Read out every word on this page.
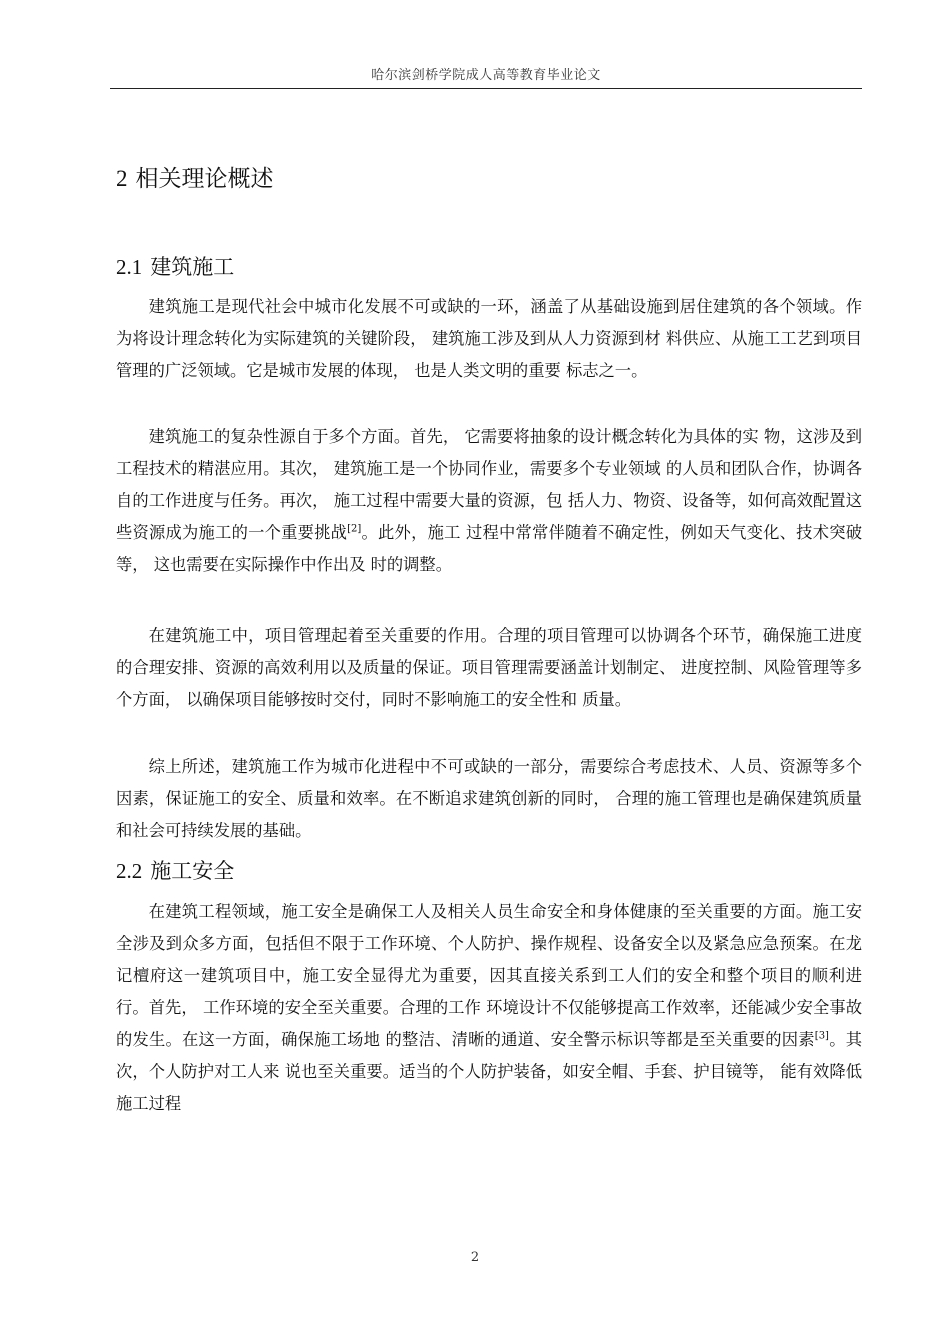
哈尔滨剑桥学院成人高等教育毕业论文
2 相关理论概述
2.1 建筑施工

建筑施工是现代社会中城市化发展不可或缺的一环，涵盖了从基础设施到居住建筑的各个领域。作为将设计理念转化为实际建筑的关键阶段， 建筑施工涉及到从人力资源到材 料供应、从施工工艺到项目管理的广泛领域。它是城市发展的体现， 也是人类文明的重要 标志之一。

建筑施工的复杂性源自于多个方面。首先， 它需要将抽象的设计概念转化为具体的实 物，这涉及到工程技术的精湛应用。其次， 建筑施工是一个协同作业，需要多个专业领域 的人员和团队合作，协调各自的工作进度与任务。再次， 施工过程中需要大量的资源，包 括人力、物资、设备等，如何高效配置这些资源成为施工的一个重要挑战[2]。此外，施工 过程中常常伴随着不确定性，例如天气变化、技术突破等， 这也需要在实际操作中作出及 时的调整。

在建筑施工中，项目管理起着至关重要的作用。合理的项目管理可以协调各个环节，确保施工进度的合理安排、资源的高效利用以及质量的保证。项目管理需要涵盖计划制定、 进度控制、风险管理等多个方面， 以确保项目能够按时交付，同时不影响施工的安全性和 质量。

综上所述，建筑施工作为城市化进程中不可或缺的一部分，需要综合考虑技术、人员、资源等多个因素，保证施工的安全、质量和效率。在不断追求建筑创新的同时， 合理的施工管理也是确保建筑质量和社会可持续发展的基础。

2.2 施工安全

在建筑工程领域，施工安全是确保工人及相关人员生命安全和身体健康的至关重要的方面。施工安全涉及到众多方面，包括但不限于工作环境、个人防护、操作规程、设备安全以及紧急应急预案。在龙记檀府这一建筑项目中，施工安全显得尤为重要，因其直接关系到工人们的安全和整个项目的顺利进行。首先， 工作环境的安全至关重要。合理的工作 环境设计不仅能够提高工作效率，还能减少安全事故的发生。在这一方面，确保施工场地 的整洁、清晰的通道、安全警示标识等都是至关重要的因素[3]。其次，个人防护对工人来 说也至关重要。适当的个人防护装备，如安全帽、手套、护目镜等， 能有效降低施工过程

2
